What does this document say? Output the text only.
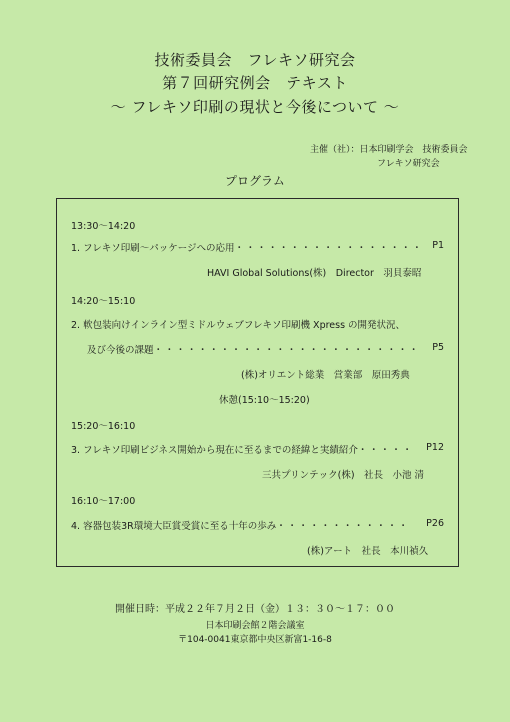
技術委員会　フレキソ研究会
第７回研究例会　テキスト
～ フレキソ印刷の現状と今後について ～
主催（社）：日本印刷学会　技術委員会
フレキソ研究会
プログラム
13:30～14:20
1. フレキソ印刷～パッケージへの応用・・・・・・・・・・・・・・・・・ P1
HAVI Global Solutions(株)　Director　羽貝泰昭
14:20～15:10
2. 軟包装向けインライン型ミドルウェブフレキソ印刷機 Xpress の開発状況、
及び今後の課題・・・・・・・・・・・・・・・・・・・・・・・・ P5
(株)オリエント総業　営業部　原田秀典
休憩(15:10～15:20)
15:20～16:10
3. フレキソ印刷ビジネス開始から現在に至るまでの経緯と実績紹介・・・・・ P12
三共プリンテック(株)　社長　小池 清
16:10～17:00
4. 容器包装3R環境大臣賞受賞に至る十年の歩み・・・・・・・・・・・・ P26
(株)アート　社長　本川禎久
開催日時：平成２２年７月２日（金）１３：３０～１７：００
日本印刷会館２階会議室
〒104-0041東京都中央区新富1-16-8
